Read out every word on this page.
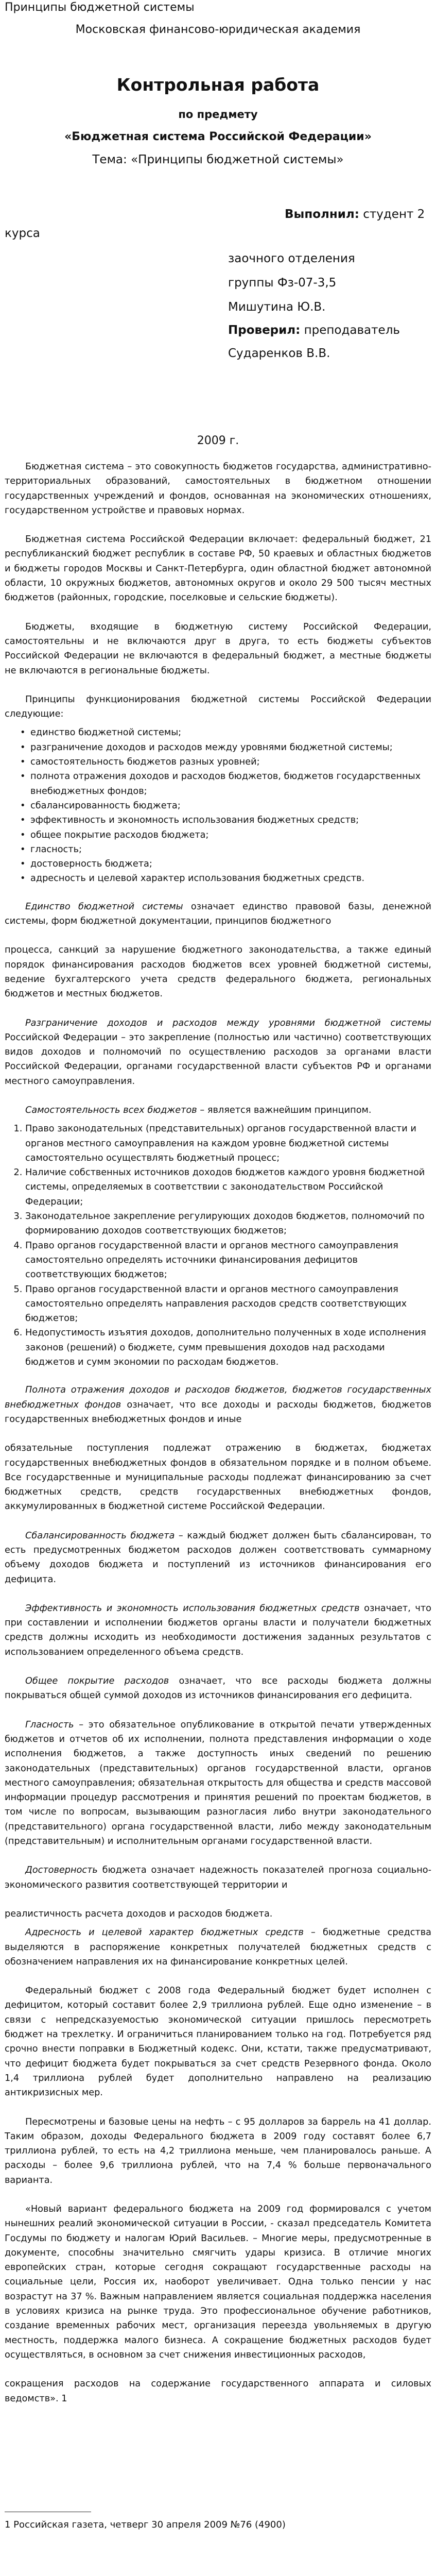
Принципы бюджетной системы
Московская финансово-юридическая академия
Контрольная работа
по предмету
«Бюджетная система Российской Федерации»
Тема: «Принципы бюджетной системы»
Выполнил: студент 2
курса
заочного отделения
группы Фз-07-3,5
Мишутина Ю.В.
Проверил: преподаватель
Сударенков В.В.
2009 г.

Бюджетная система – это совокупность бюджетов государства, административно-территориальных образований, самостоятельных в бюджетном отношении государственных учреждений и фондов, основанная на экономических отношениях, государственном устройстве и правовых нормах.

Бюджетная система Российской Федерации включает: федеральный бюджет, 21 республиканский бюджет республик в составе РФ, 50 краевых и областных бюджетов и бюджеты городов Москвы и Санкт-Петербурга, один областной бюджет автономной области, 10 окружных бюджетов, автономных округов и около 29 500 тысяч местных бюджетов (районных, городские, поселковые и сельские бюджеты).

Бюджеты, входящие в бюджетную систему Российской Федерации, самостоятельны и не включаются друг в друга, то есть бюджеты субъектов Российской Федерации не включаются в федеральный бюджет, а местные бюджеты не включаются в региональные бюджеты.

Принципы функционирования бюджетной системы Российской Федерации следующие:

• единство бюджетной системы;
• разграничение доходов и расходов между уровнями бюджетной системы;
• самостоятельность бюджетов разных уровней;
• полнота отражения доходов и расходов бюджетов, бюджетов государственных внебюджетных фондов;
• сбалансированность бюджета;
• эффективность и экономность использования бюджетных средств;
• общее покрытие расходов бюджета;
• гласность;
• достоверность бюджета;
• адресность и целевой характер использования бюджетных средств.

Единство бюджетной системы означает единство правовой базы, денежной системы, форм бюджетной документации, принципов бюджетного

процесса, санкций за нарушение бюджетного законодательства, а также единый порядок финансирования расходов бюджетов всех уровней бюджетной системы, ведение бухгалтерского учета средств федерального бюджета, региональных бюджетов и местных бюджетов.

Разграничение доходов и расходов между уровнями бюджетной системы Российской Федерации – это закрепление (полностью или частично) соответствующих видов доходов и полномочий по осуществлению расходов за органами власти Российской Федерации, органами государственной власти субъектов РФ и органами местного самоуправления.

Самостоятельность всех бюджетов – является важнейшим принципом.

1. Право законодательных (представительных) органов государственной власти и органов местного самоуправления на каждом уровне бюджетной системы самостоятельно осуществлять бюджетный процесс;
2. Наличие собственных источников доходов бюджетов каждого уровня бюджетной системы, определяемых в соответствии с законодательством Российской Федерации;
3. Законодательное закрепление регулирующих доходов бюджетов, полномочий по формированию доходов соответствующих бюджетов;
4. Право органов государственной власти и органов местного самоуправления самостоятельно определять источники финансирования дефицитов соответствующих бюджетов;
5. Право органов государственной власти и органов местного самоуправления самостоятельно определять направления расходов средств соответствующих бюджетов;
6. Недопустимость изъятия доходов, дополнительно полученных в ходе исполнения законов (решений) о бюджете, сумм превышения доходов над расходами бюджетов и сумм экономии по расходам бюджетов.

Полнота отражения доходов и расходов бюджетов, бюджетов государственных внебюджетных фондов означает, что все доходы и расходы бюджетов, бюджетов государственных внебюджетных фондов и иные

обязательные поступления подлежат отражению в бюджетах, бюджетах государственных внебюджетных фондов в обязательном порядке и в полном объеме. Все государственные и муниципальные расходы подлежат финансированию за счет бюджетных средств, средств государственных внебюджетных фондов, аккумулированных в бюджетной системе Российской Федерации.

Сбалансированность бюджета – каждый бюджет должен быть сбалансирован, то есть предусмотренных бюджетом расходов должен соответствовать суммарному объему доходов бюджета и поступлений из источников финансирования его дефицита.

Эффективность и экономность использования бюджетных средств означает, что при составлении и исполнении бюджетов органы власти и получатели бюджетных средств должны исходить из необходимости достижения заданных результатов с использованием определенного объема средств.

Общее покрытие расходов означает, что все расходы бюджета должны покрываться общей суммой доходов из источников финансирования его дефицита.

Гласность – это обязательное опубликование в открытой печати утвержденных бюджетов и отчетов об их исполнении, полнота представления информации о ходе исполнения бюджетов, а также доступность иных сведений по решению законодательных (представительных) органов государственной власти, органов местного самоуправления; обязательная открытость для общества и средств массовой информации процедур рассмотрения и принятия решений по проектам бюджетов, в том числе по вопросам, вызывающим разногласия либо внутри законодательного (представительного) органа государственной власти, либо между законодательным (представительным) и исполнительным органами государственной власти.

Достоверность бюджета означает надежность показателей прогноза социально-экономического развития соответствующей территории и

реалистичность расчета доходов и расходов бюджета.

Адресность и целевой характер бюджетных средств – бюджетные средства выделяются в распоряжение конкретных получателей бюджетных средств с обозначением направления их на финансирование конкретных целей.

Федеральный бюджет с 2008 года Федеральный бюджет будет исполнен с дефицитом, который составит более 2,9 триллиона рублей. Еще одно изменение – в связи с непредсказуемостью экономической ситуации пришлось пересмотреть бюджет на трехлетку. И ограничиться планированием только на год. Потребуется ряд срочно внести поправки в Бюджетный кодекс. Они, кстати, также предусматривают, что дефицит бюджета будет покрываться за счет средств Резервного фонда. Около 1,4 триллиона рублей будет дополнительно направлено на реализацию антикризисных мер.

Пересмотрены и базовые цены на нефть – с 95 долларов за баррель на 41 доллар. Таким образом, доходы Федерального бюджета в 2009 году составят более 6,7 триллиона рублей, то есть на 4,2 триллиона меньше, чем планировалось раньше. А расходы – более 9,6 триллиона рублей, что на 7,4 % больше первоначального варианта.

«Новый вариант федерального бюджета на 2009 год формировался с учетом нынешних реалий экономической ситуации в России, - сказал председатель Комитета Госдумы по бюджету и налогам Юрий Васильев. – Многие меры, предусмотренные в документе, способны значительно смягчить удары кризиса. В отличие многих европейских стран, которые сегодня сокращают государственные расходы на социальные цели, Россия их, наоборот увеличивает. Одна только пенсии у нас возрастут на 37 %. Важным направлением является социальная поддержка населения в условиях кризиса на рынке труда. Это профессиональное обучение работников, создание временных рабочих мест, организация переезда увольняемых в другую местность, поддержка малого бизнеса. А сокращение бюджетных расходов будет осуществляться, в основном за счет снижения инвестиционных расходов,

сокращения расходов на содержание государственного аппарата и силовых ведомств». 1

1 Российская газета, четверг 30 апреля 2009 №76 (4900)
